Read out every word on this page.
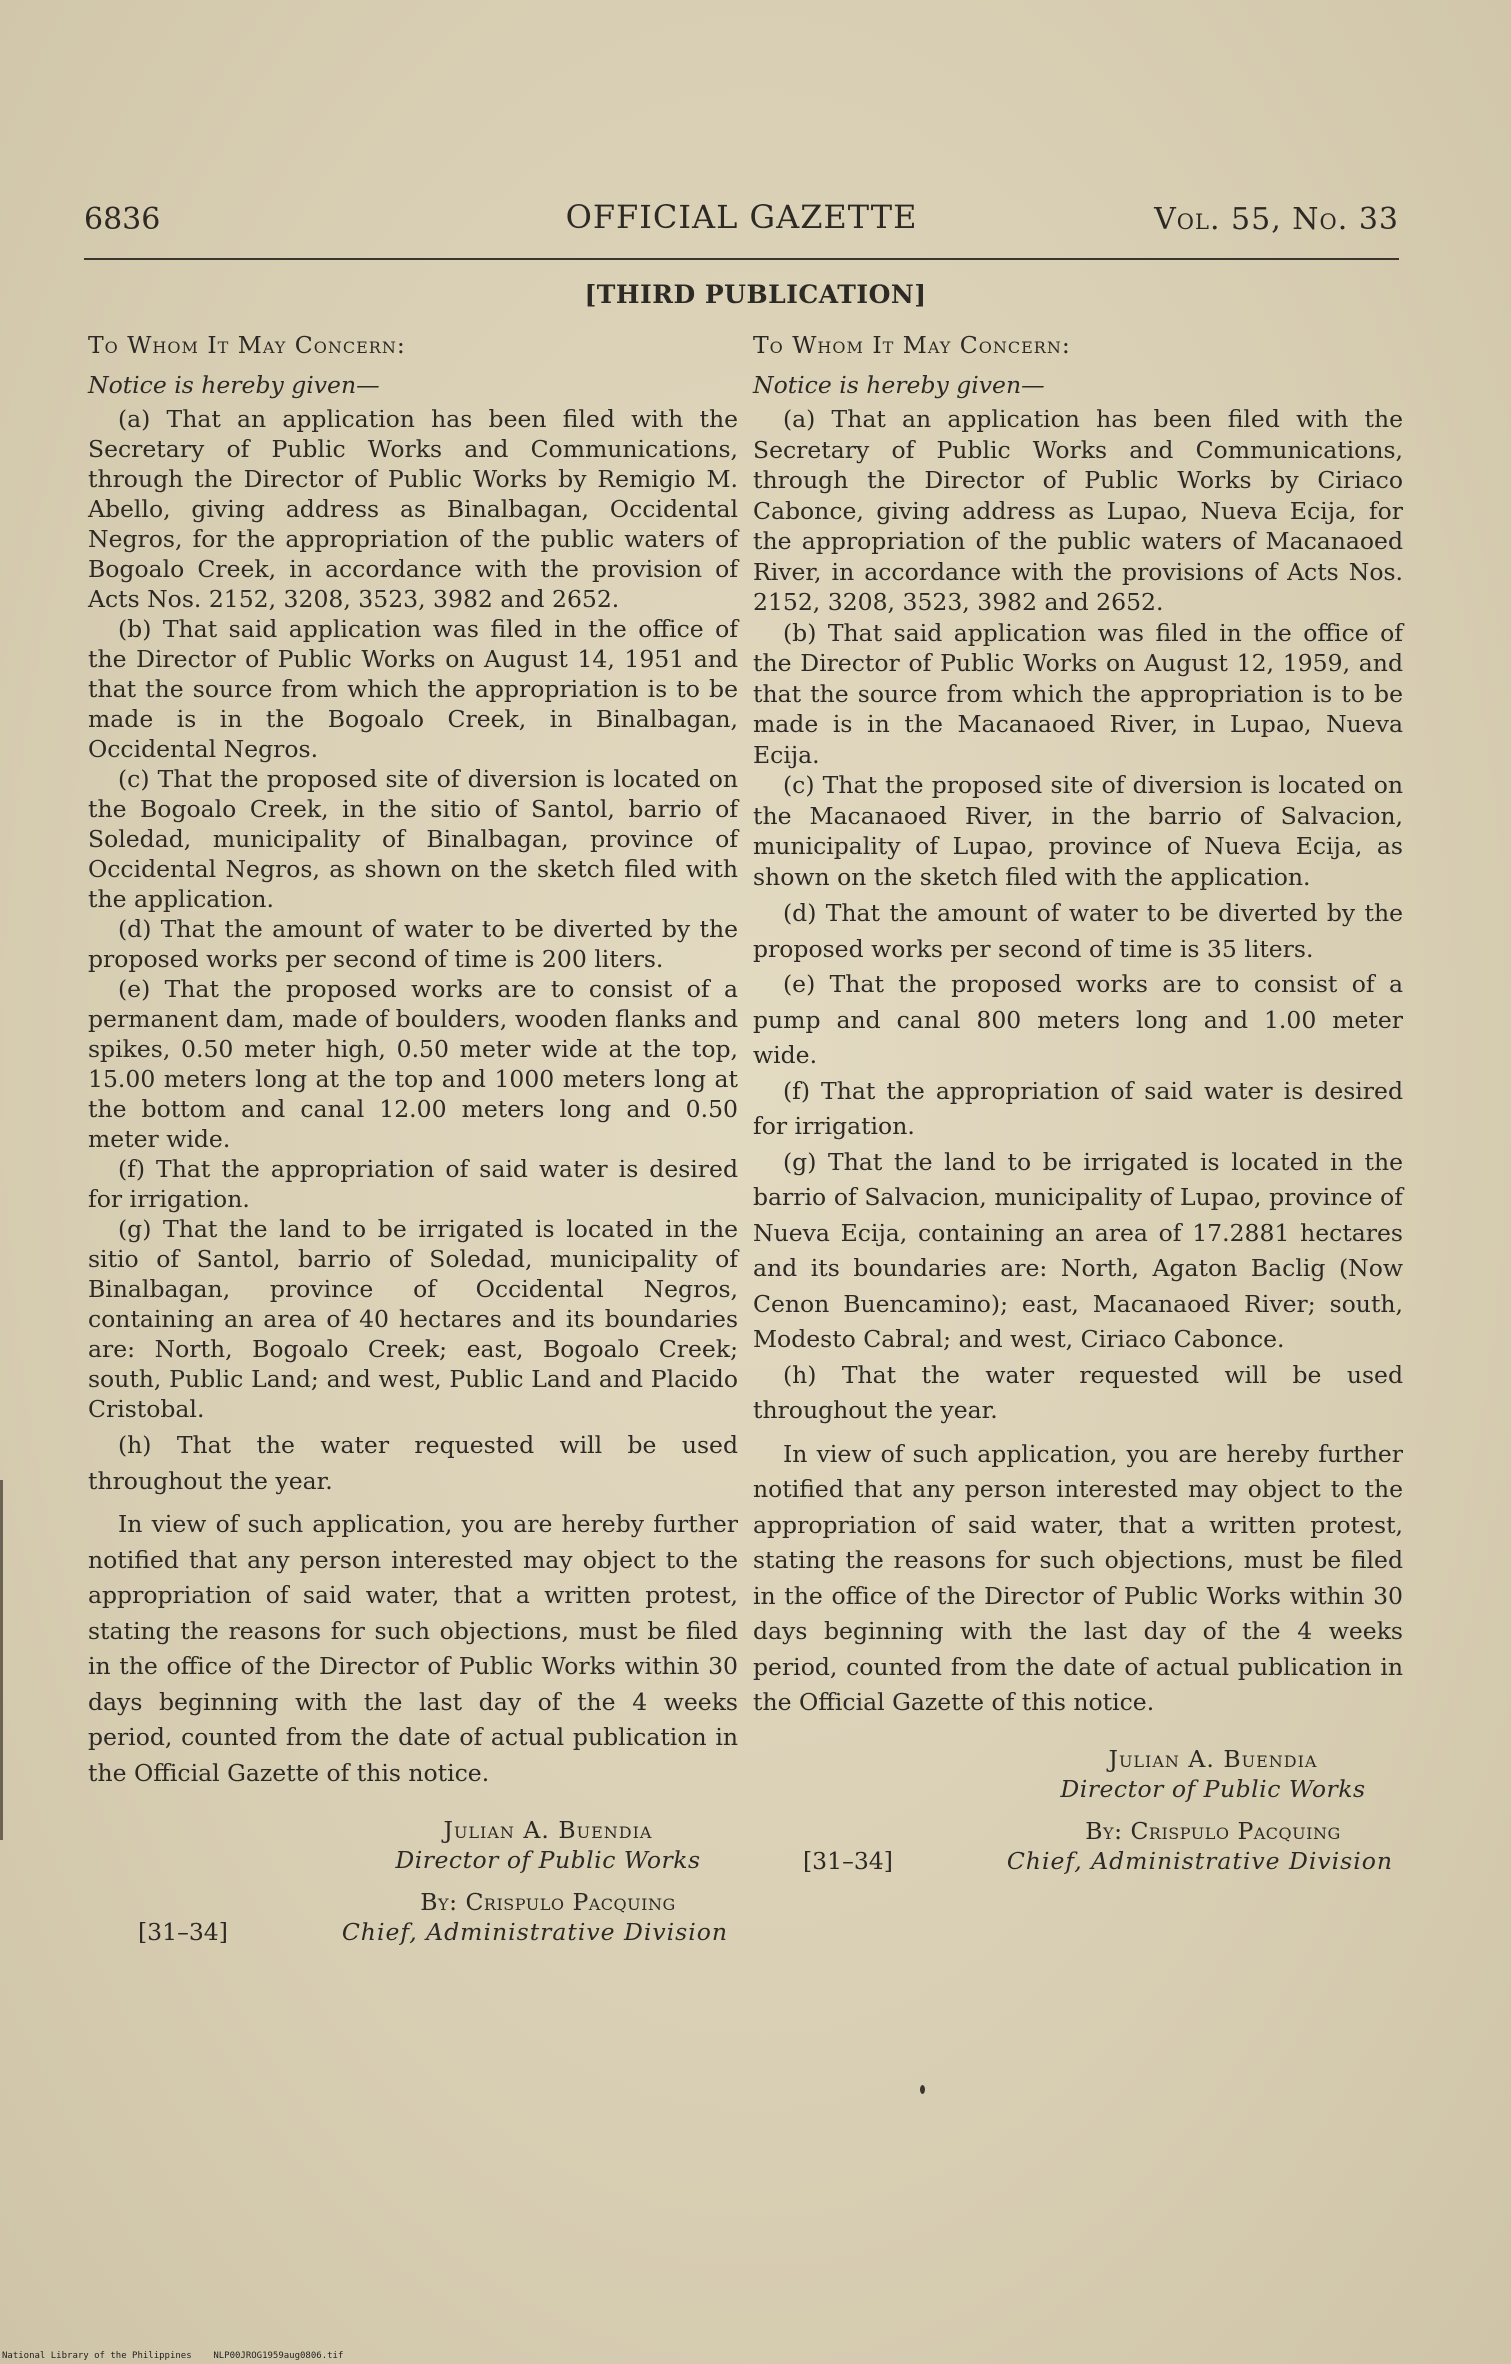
6836	OFFICIAL GAZETTE	Vol. 55, No. 33
[THIRD PUBLICATION]
To Whom It May Concern:
Notice is hereby given—

(a) That an application has been filed with the Secretary of Public Works and Communications, through the Director of Public Works by Remigio M. Abello, giving address as Binalbagan, Occidental Negros, for the appropriation of the public waters of Bogoalo Creek, in accordance with the provision of Acts Nos. 2152, 3208, 3523, 3982 and 2652.

(b) That said application was filed in the office of the Director of Public Works on August 14, 1951 and that the source from which the appropriation is to be made is in the Bogoalo Creek, in Binalbagan, Occidental Negros.

(c) That the proposed site of diversion is located on the Bogoalo Creek, in the sitio of Santol, barrio of Soledad, municipality of Binalbagan, province of Occidental Negros, as shown on the sketch filed with the application.

(d) That the amount of water to be diverted by the proposed works per second of time is 200 liters.

(e) That the proposed works are to consist of a permanent dam, made of boulders, wooden flanks and spikes, 0.50 meter high, 0.50 meter wide at the top, 15.00 meters long at the top and 1000 meters long at the bottom and canal 12.00 meters long and 0.50 meter wide.

(f) That the appropriation of said water is desired for irrigation.

(g) That the land to be irrigated is located in the sitio of Santol, barrio of Soledad, municipality of Binalbagan, province of Occidental Negros, containing an area of 40 hectares and its boundaries are: North, Bogoalo Creek; east, Bogoalo Creek; south, Public Land; and west, Public Land and Placido Cristobal.

(h) That the water requested will be used throughout the year.

In view of such application, you are hereby further notified that any person interested may object to the appropriation of said water, that a written protest, stating the reasons for such objections, must be filed in the office of the Director of Public Works within 30 days beginning with the last day of the 4 weeks period, counted from the date of actual publication in the Official Gazette of this notice.

Julian A. Buendia
Director of Public Works
By: Crispulo Pacquing
[31–34]	Chief, Administrative Division
To Whom It May Concern:
Notice is hereby given—

(a) That an application has been filed with the Secretary of Public Works and Communications, through the Director of Public Works by Ciriaco Cabonce, giving address as Lupao, Nueva Ecija, for the appropriation of the public waters of Macanaoed River, in accordance with the provisions of Acts Nos. 2152, 3208, 3523, 3982 and 2652.

(b) That said application was filed in the office of the Director of Public Works on August 12, 1959, and that the source from which the appropriation is to be made is in the Macanaoed River, in Lupao, Nueva Ecija.

(c) That the proposed site of diversion is located on the Macanaoed River, in the barrio of Salvacion, municipality of Lupao, province of Nueva Ecija, as shown on the sketch filed with the application.

(d) That the amount of water to be diverted by the proposed works per second of time is 35 liters.

(e) That the proposed works are to consist of a pump and canal 800 meters long and 1.00 meter wide.

(f) That the appropriation of said water is desired for irrigation.

(g) That the land to be irrigated is located in the barrio of Salvacion, municipality of Lupao, province of Nueva Ecija, containing an area of 17.2881 hectares and its boundaries are: North, Agaton Baclig (Now Cenon Buencamino); east, Macanaoed River; south, Modesto Cabral; and west, Ciriaco Cabonce.

(h) That the water requested will be used throughout the year.

In view of such application, you are hereby further notified that any person interested may object to the appropriation of said water, that a written protest, stating the reasons for such objections, must be filed in the office of the Director of Public Works within 30 days beginning with the last day of the 4 weeks period, counted from the date of actual publication in the Official Gazette of this notice.

Julian A. Buendia
Director of Public Works
By: Crispulo Pacquing
[31–34]	Chief, Administrative Division
National Library of the Philippines    NLP00JROG1959aug0806.tif
